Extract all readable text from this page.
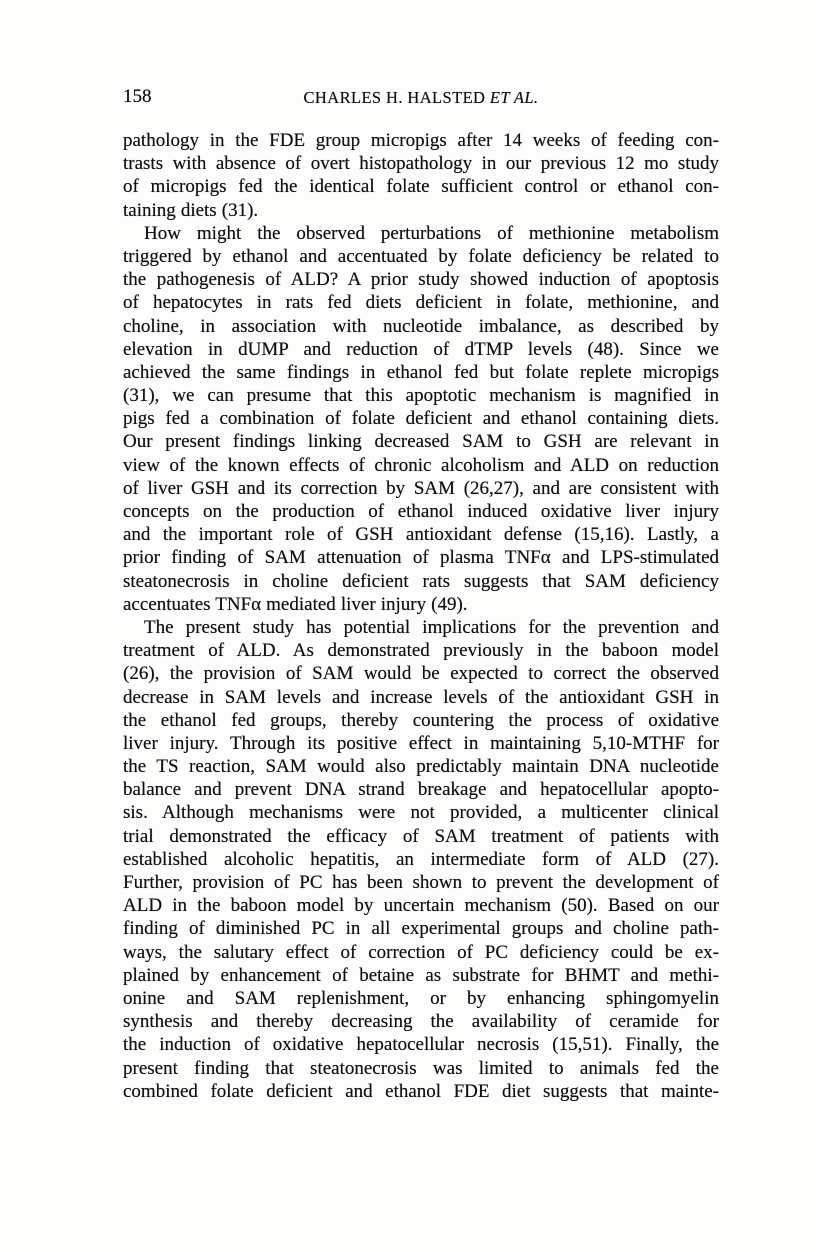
158	CHARLES H. HALSTED ET AL.
pathology in the FDE group micropigs after 14 weeks of feeding con-
trasts with absence of overt histopathology in our previous 12 mo study
of micropigs fed the identical folate sufficient control or ethanol con-
taining diets (31).
How might the observed perturbations of methionine metabolism
triggered by ethanol and accentuated by folate deficiency be related to
the pathogenesis of ALD? A prior study showed induction of apoptosis
of hepatocytes in rats fed diets deficient in folate, methionine, and
choline, in association with nucleotide imbalance, as described by
elevation in dUMP and reduction of dTMP levels (48). Since we
achieved the same findings in ethanol fed but folate replete micropigs
(31), we can presume that this apoptotic mechanism is magnified in
pigs fed a combination of folate deficient and ethanol containing diets.
Our present findings linking decreased SAM to GSH are relevant in
view of the known effects of chronic alcoholism and ALD on reduction
of liver GSH and its correction by SAM (26,27), and are consistent with
concepts on the production of ethanol induced oxidative liver injury
and the important role of GSH antioxidant defense (15,16). Lastly, a
prior finding of SAM attenuation of plasma TNFα and LPS-stimulated
steatonecrosis in choline deficient rats suggests that SAM deficiency
accentuates TNFα mediated liver injury (49).
The present study has potential implications for the prevention and
treatment of ALD. As demonstrated previously in the baboon model
(26), the provision of SAM would be expected to correct the observed
decrease in SAM levels and increase levels of the antioxidant GSH in
the ethanol fed groups, thereby countering the process of oxidative
liver injury. Through its positive effect in maintaining 5,10-MTHF for
the TS reaction, SAM would also predictably maintain DNA nucleotide
balance and prevent DNA strand breakage and hepatocellular apopto-
sis. Although mechanisms were not provided, a multicenter clinical
trial demonstrated the efficacy of SAM treatment of patients with
established alcoholic hepatitis, an intermediate form of ALD (27).
Further, provision of PC has been shown to prevent the development of
ALD in the baboon model by uncertain mechanism (50). Based on our
finding of diminished PC in all experimental groups and choline path-
ways, the salutary effect of correction of PC deficiency could be ex-
plained by enhancement of betaine as substrate for BHMT and methi-
onine and SAM replenishment, or by enhancing sphingomyelin
synthesis and thereby decreasing the availability of ceramide for
the induction of oxidative hepatocellular necrosis (15,51). Finally, the
present finding that steatonecrosis was limited to animals fed the
combined folate deficient and ethanol FDE diet suggests that mainte-
